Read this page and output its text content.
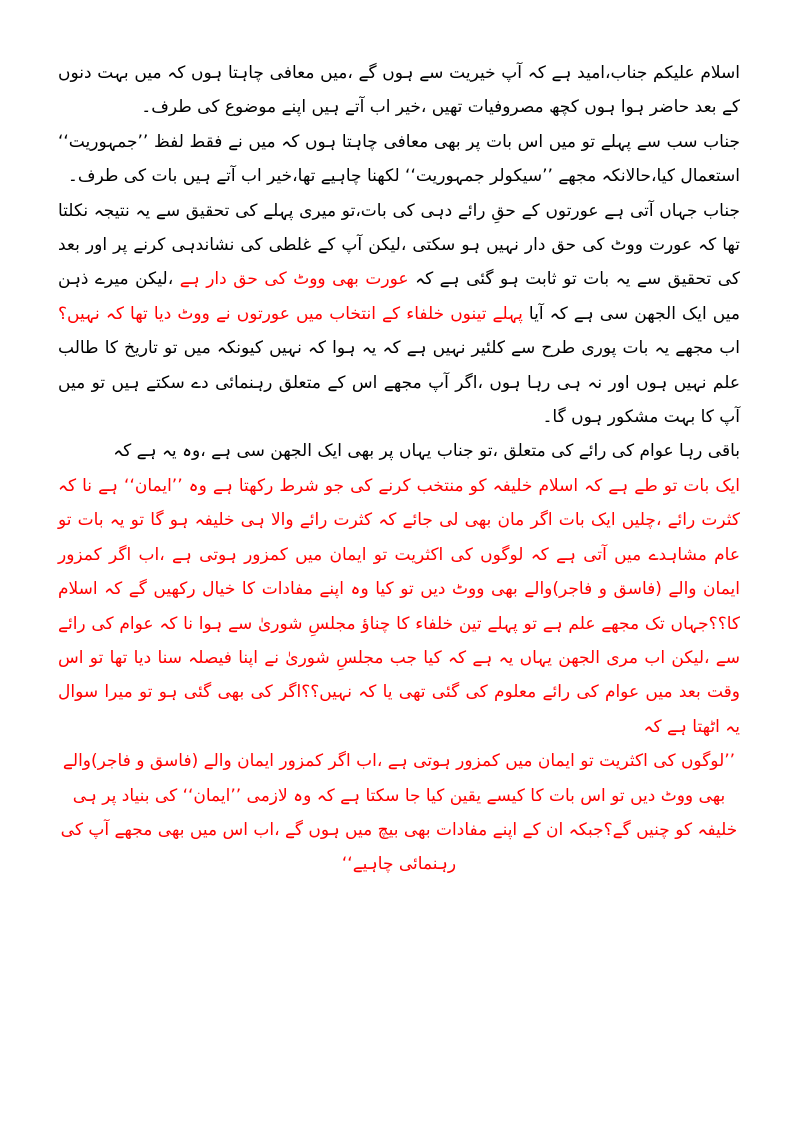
اسلام علیکم جناب،امید ہے کہ آپ خیریت سے ہوں گے ،میں معافی چاہتا ہوں کہ میں بہت دنوں کے بعد حاضر ہوا ہوں کچھ مصروفیات تھیں ،خیر اب آتے ہیں اپنے موضوع کی طرف۔

جناب سب سے پہلے تو میں اس بات پر بھی معافی چاہتا ہوں کہ میں نے فقط لفظ ’’جمہوریت‘‘ استعمال کیا،حالانکہ مجھے ’’سیکولر جمہوریت‘‘ لکھنا چاہیے تھا،خیر اب آتے ہیں بات کی طرف۔

جناب جہاں آتی ہے عورتوں کے حقِ رائے دہی کی بات،تو میری پہلے کی تحقیق سے یہ نتیجہ نکلتا تھا کہ عورت ووٹ کی حق دار نہیں ہو سکتی ،لیکن آپ کے غلطی کی نشاندہی کرنے پر اور بعد کی تحقیق سے یہ بات تو ثابت ہو گئی ہے کہ عورت بھی ووٹ کی حق دار ہے ،لیکن میرے ذہن میں ایک الجھن سی ہے کہ آیا پہلے تینوں خلفاء کے انتخاب میں عورتوں نے ووٹ دیا تھا کہ نہیں؟ اب مجھے یہ بات پوری طرح سے کلئیر نہیں ہے کہ یہ ہوا کہ نہیں کیونکہ میں تو تاریخ کا طالب علم نہیں ہوں اور نہ ہی رہا ہوں ،اگر آپ مجھے اس کے متعلق رہنمائی دے سکتے ہیں تو میں آپ کا بہت مشکور ہوں گا۔

باقی رہا عوام کی رائے کی متعلق ،تو جناب یہاں پر بھی ایک الجھن سی ہے ،وہ یہ ہے کہ

ایک بات تو طے ہے کہ اسلام خلیفہ کو منتخب کرنے کی جو شرط رکھتا ہے وہ ’’ایمان‘‘ ہے نا کہ کثرت رائے ،چلیں ایک بات اگر مان بھی لی جائے کہ کثرت رائے والا ہی خلیفہ ہو گا تو یہ بات تو عام مشاہدے میں آتی ہے کہ لوگوں کی اکثریت تو ایمان میں کمزور ہوتی ہے ،اب اگر کمزور ایمان والے (فاسق و فاجر)والے بھی ووٹ دیں تو کیا وہ اپنے مفادات کا خیال رکھیں گے کہ اسلام کا؟؟جہاں تک مجھے علم ہے تو پہلے تین خلفاء کا چناؤ مجلسِ شوریٰ سے ہوا نا کہ عوام کی رائے سے ،لیکن اب مری الجھن یہاں یہ ہے کہ کیا جب مجلسِ شوریٰ نے اپنا فیصلہ سنا دیا تھا تو اس وقت بعد میں عوام کی رائے معلوم کی گئی تھی یا کہ نہیں؟؟اگر کی بھی گئی ہو تو میرا سوال یہ اٹھتا ہے کہ

’’لوگوں کی اکثریت تو ایمان میں کمزور ہوتی ہے ،اب اگر کمزور ایمان والے (فاسق و فاجر)والے بھی ووٹ دیں تو اس بات کا کیسے یقین کیا جا سکتا ہے کہ وہ لازمی ’’ایمان‘‘ کی بنیاد پر ہی خلیفہ کو چنیں گے؟جبکہ ان کے اپنے مفادات بھی بیچ میں ہوں گے ،اب اس میں بھی مجھے آپ کی رہنمائی چاہیے‘‘
